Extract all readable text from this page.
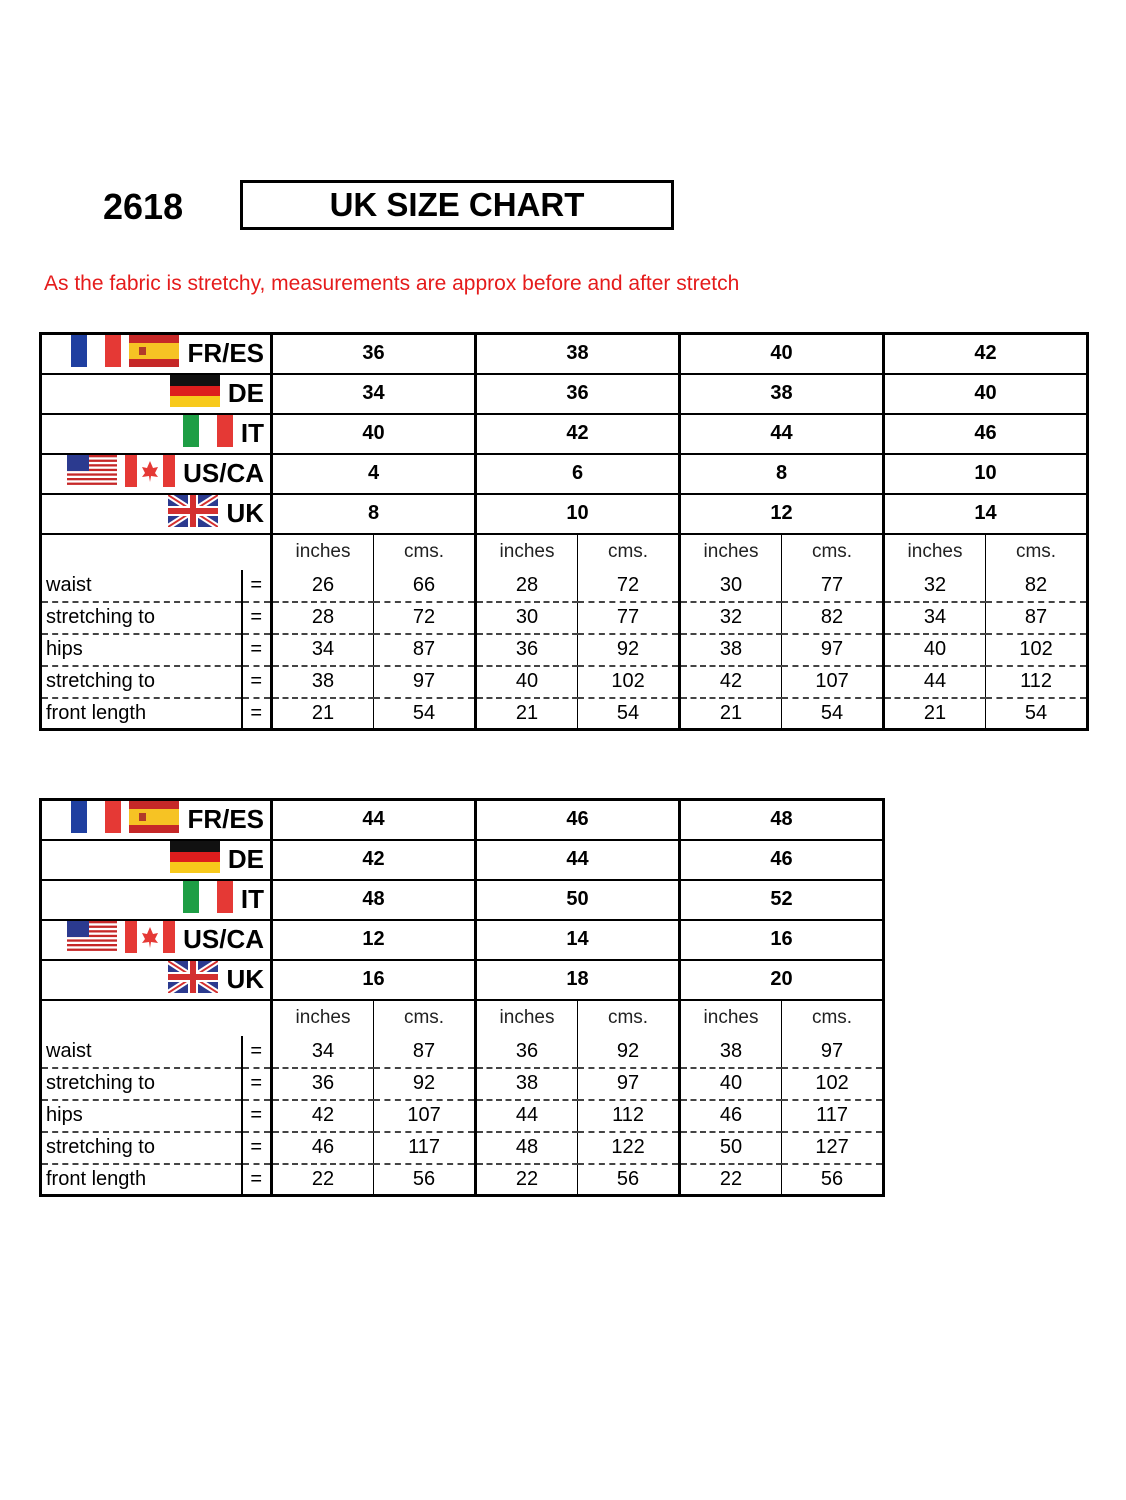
2618	UK SIZE CHART
As the fabric is stretchy, measurements are approx before and after stretch
FR/ES		36		38		40		42	

DE		34		36		38		40	

IT		40		42		44		46	

US/CA		4		6		8		10	

UK		8		10		12		14	
		inches	cms.	inches	cms.	inches	cms.	inches	cms.
waist	=	26	66	28	72	30	77	32	82
stretching to	=	28	72	30	77	32	82	34	87
hips	=	34	87	36	92	38	97	40	102
stretching to	=	38	97	40	102	42	107	44	112
front length	=	21	54	21	54	21	54	21	54
FR/ES		44		46		48	

DE		42		44		46	

IT		48		50		52	

US/CA		12		14		16	

UK		16		18		20	
		inches	cms.	inches	cms.	inches	cms.
waist	=	34	87	36	92	38	97
stretching to	=	36	92	38	97	40	102
hips	=	42	107	44	112	46	117
stretching to	=	46	117	48	122	50	127
front length	=	22	56	22	56	22	56
